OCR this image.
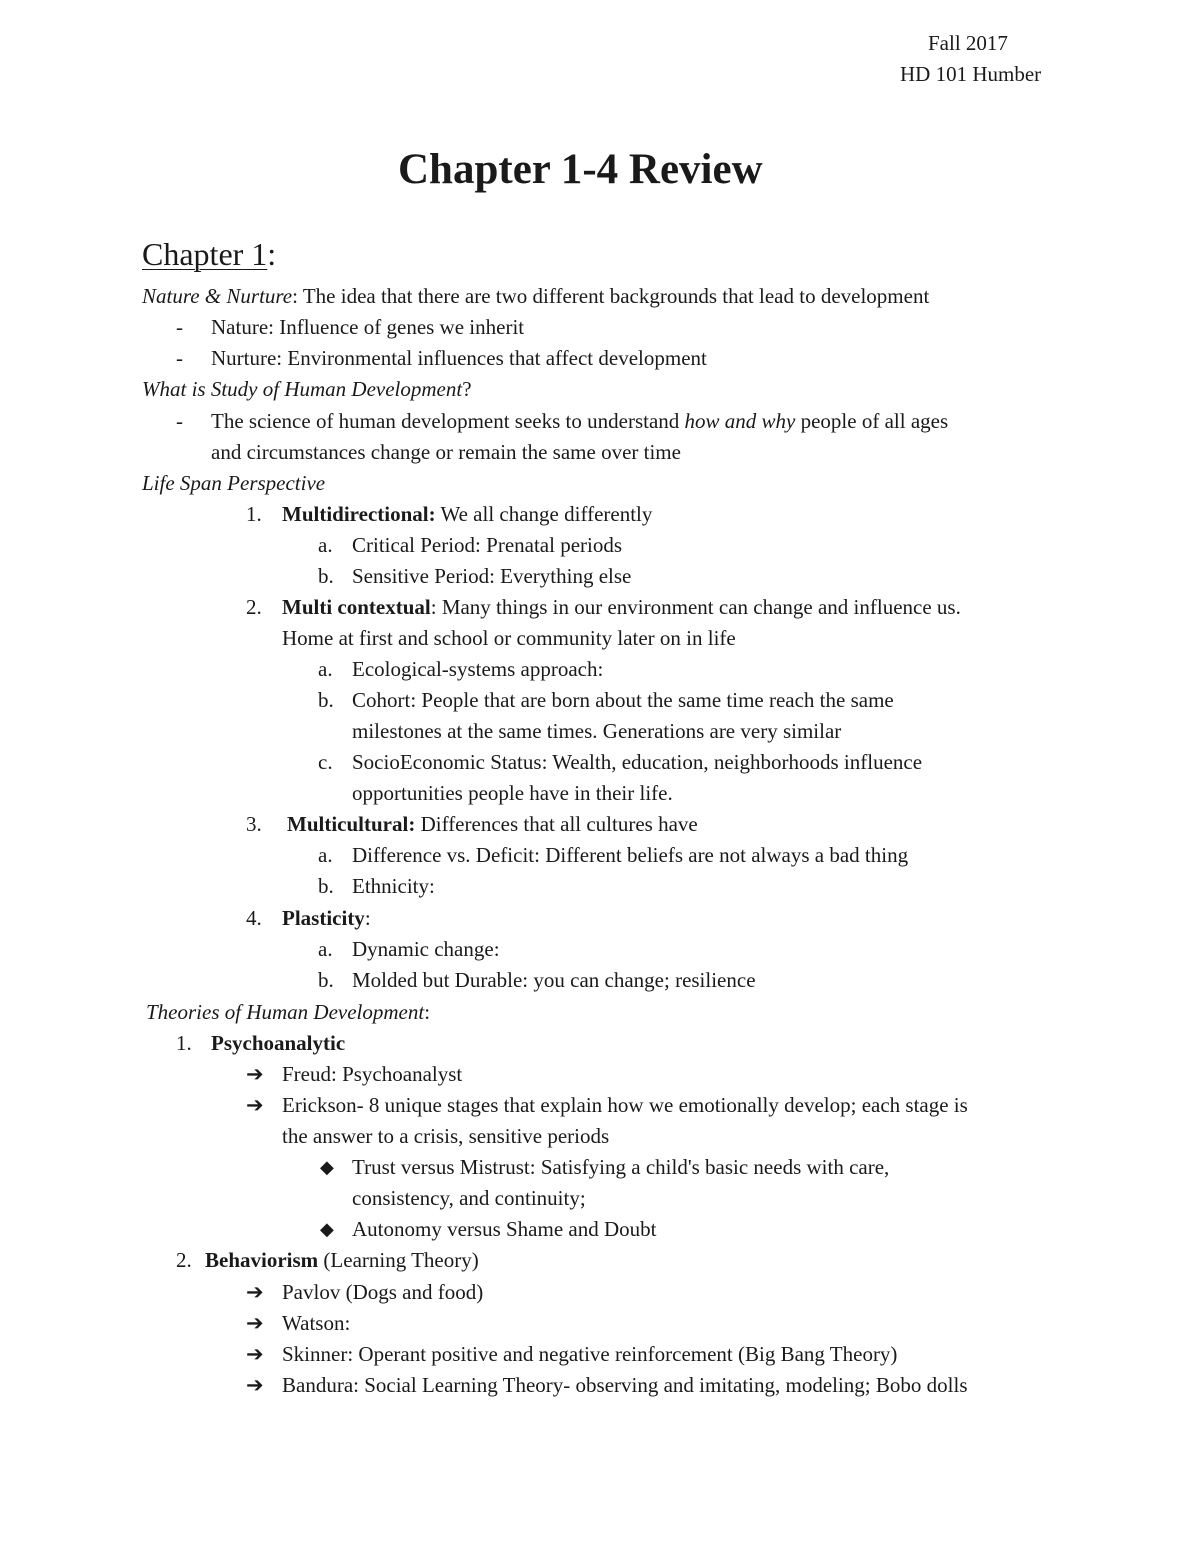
Fall 2017
HD 101 Humber
Chapter 1-4 Review
Chapter 1:
Nature & Nurture: The idea that there are two different backgrounds that lead to development
- Nature: Influence of genes we inherit
- Nurture: Environmental influences that affect development
What is Study of Human Development?
- The science of human development seeks to understand how and why people of all ages
and circumstances change or remain the same over time
Life Span Perspective
1. Multidirectional: We all change differently
a. Critical Period: Prenatal periods
b. Sensitive Period: Everything else
2. Multi contextual: Many things in our environment can change and influence us.
Home at first and school or community later on in life
a. Ecological-systems approach:
b. Cohort: People that are born about the same time reach the same
milestones at the same times. Generations are very similar
c. SocioEconomic Status: Wealth, education, neighborhoods influence
opportunities people have in their life.
3. Multicultural: Differences that all cultures have
a. Difference vs. Deficit: Different beliefs are not always a bad thing
b. Ethnicity:
4. Plasticity:
a. Dynamic change:
b. Molded but Durable: you can change; resilience
Theories of Human Development:
1. Psychoanalytic
➔ Freud: Psychoanalyst
➔ Erickson- 8 unique stages that explain how we emotionally develop; each stage is
the answer to a crisis, sensitive periods
◆ Trust versus Mistrust: Satisfying a child's basic needs with care,
consistency, and continuity;
◆ Autonomy versus Shame and Doubt
2. Behaviorism (Learning Theory)
➔ Pavlov (Dogs and food)
➔ Watson:
➔ Skinner: Operant positive and negative reinforcement (Big Bang Theory)
➔ Bandura: Social Learning Theory- observing and imitating, modeling; Bobo dolls
